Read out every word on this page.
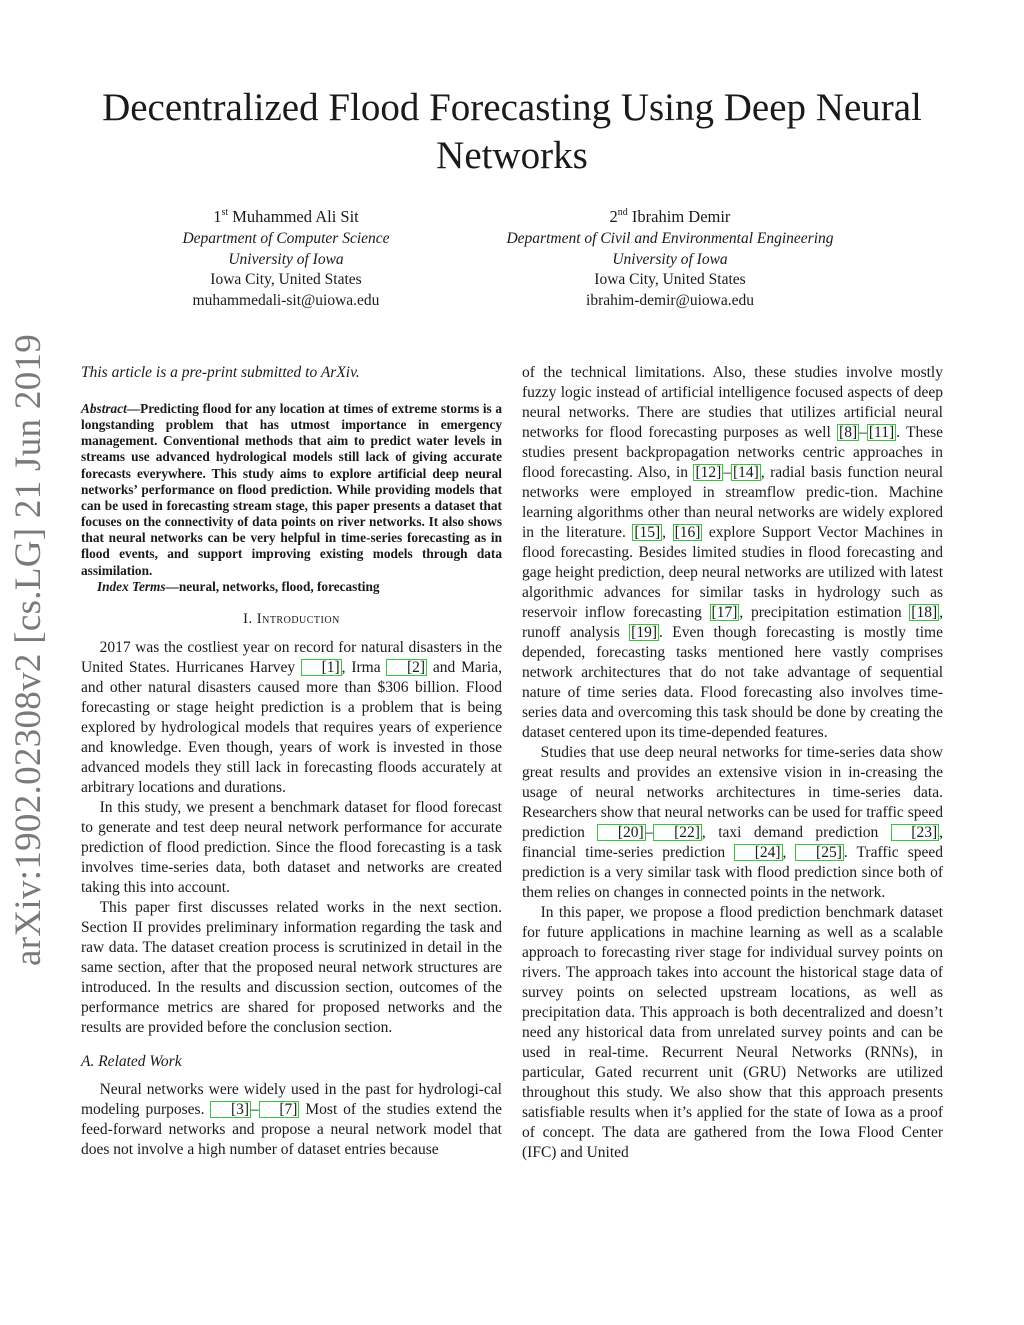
Decentralized Flood Forecasting Using Deep Neural Networks
1st Muhammed Ali Sit
Department of Computer Science
University of Iowa
Iowa City, United States
muhammedali-sit@uiowa.edu
2nd Ibrahim Demir
Department of Civil and Environmental Engineering
University of Iowa
Iowa City, United States
ibrahim-demir@uiowa.edu
arXiv:1902.02308v2 [cs.LG] 21 Jun 2019 This article is a pre-print submitted to ArXiv.

Abstract—Predicting flood for any location at times of extreme storms is a longstanding problem that has utmost importance in emergency management. Conventional methods that aim to predict water levels in streams use advanced hydrological models still lack of giving accurate forecasts everywhere. This study aims to explore artificial deep neural networks’ performance on flood prediction. While providing models that can be used in forecasting stream stage, this paper presents a dataset that focuses on the connectivity of data points on river networks. It also shows that neural networks can be very helpful in time-series forecasting as in flood events, and support improving existing models through data assimilation.

Index Terms—neural, networks, flood, forecasting

I. Introduction

2017 was the costliest year on record for natural disasters in the United States. Hurricanes Harvey [1] , Irma [2] and Maria, and other natural disasters caused more than $306 billion. Flood forecasting or stage height prediction is a problem that is being explored by hydrological models that requires years of experience and knowledge. Even though, years of work is invested in those advanced models they still lack in forecasting floods accurately at arbitrary locations and durations.

In this study, we present a benchmark dataset for flood forecast to generate and test deep neural network performance for accurate prediction of flood prediction. Since the flood forecasting is a task involves time-series data, both dataset and networks are created taking this into account.

This paper first discusses related works in the next section. Section II provides preliminary information regarding the task and raw data. The dataset creation process is scrutinized in detail in the same section, after that the proposed neural network structures are introduced. In the results and discussion section, outcomes of the performance metrics are shared for proposed networks and the results are provided before the conclusion section.

A. Related Work

Neural networks were widely used in the past for hydrologi-cal modeling purposes. [3] – [7] Most of the studies extend the feed-forward networks and propose a neural network model that does not involve a high number of dataset entries because

of the technical limitations. Also, these studies involve mostly fuzzy logic instead of artificial intelligence focused aspects of deep neural networks. There are studies that utilizes artificial neural networks for flood forecasting purposes as well [8] – [11] . These studies present backpropagation networks centric approaches in flood forecasting. Also, in [12] – [14] , radial basis function neural networks were employed in streamflow predic-tion. Machine learning algorithms other than neural networks are widely explored in the literature. [15] , [16] explore Support Vector Machines in flood forecasting. Besides limited studies in flood forecasting and gage height prediction, deep neural networks are utilized with latest algorithmic advances for similar tasks in hydrology such as reservoir inflow forecasting [17] , precipitation estimation [18] , runoff analysis [19] . Even though forecasting is mostly time depended, forecasting tasks mentioned here vastly comprises network architectures that do not take advantage of sequential nature of time series data. Flood forecasting also involves time-series data and overcoming this task should be done by creating the dataset centered upon its time-depended features.

Studies that use deep neural networks for time-series data show great results and provides an extensive vision in in-creasing the usage of neural networks architectures in time-series data. Researchers show that neural networks can be used for traffic speed prediction [20] – [22] , taxi demand prediction [23] , financial time-series prediction [24] , [25] . Traffic speed prediction is a very similar task with flood prediction since both of them relies on changes in connected points in the network.

In this paper, we propose a flood prediction benchmark dataset for future applications in machine learning as well as a scalable approach to forecasting river stage for individual survey points on rivers. The approach takes into account the historical stage data of survey points on selected upstream locations, as well as precipitation data. This approach is both decentralized and doesn’t need any historical data from unrelated survey points and can be used in real-time. Recurrent Neural Networks (RNNs), in particular, Gated recurrent unit (GRU) Networks are utilized throughout this study. We also show that this approach presents satisfiable results when it’s applied for the state of Iowa as a proof of concept. The data are gathered from the Iowa Flood Center (IFC) and United
